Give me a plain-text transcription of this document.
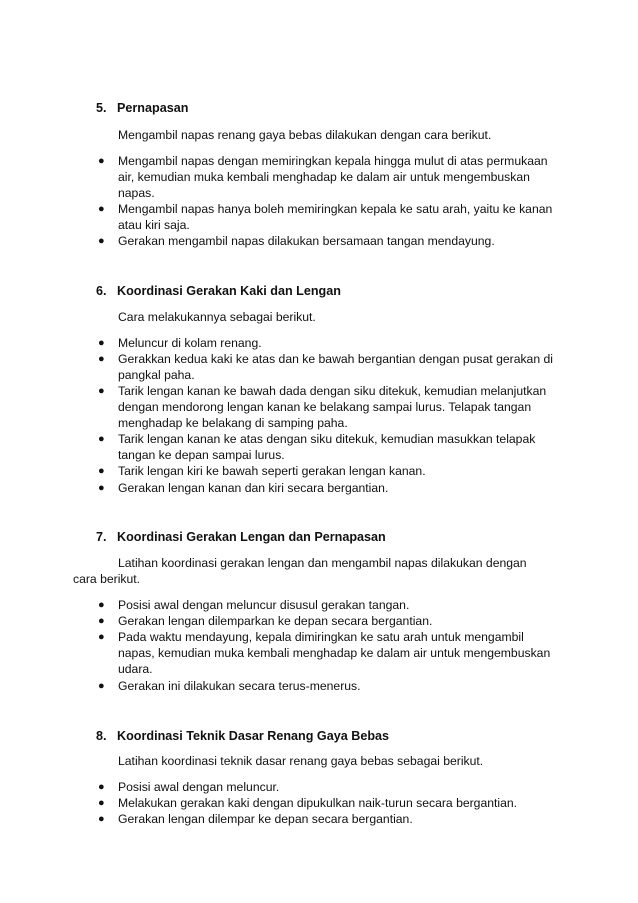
5. Pernapasan
Mengambil napas renang gaya bebas dilakukan dengan cara berikut.
● Mengambil napas dengan memiringkan kepala hingga mulut di atas permukaan air, kemudian muka kembali menghadap ke dalam air untuk mengembuskan napas.
● Mengambil napas hanya boleh memiringkan kepala ke satu arah, yaitu ke kanan atau kiri saja.
● Gerakan mengambil napas dilakukan bersamaan tangan mendayung.
6. Koordinasi Gerakan Kaki dan Lengan
Cara melakukannya sebagai berikut.
● Meluncur di kolam renang.
● Gerakkan kedua kaki ke atas dan ke bawah bergantian dengan pusat gerakan di pangkal paha.
● Tarik lengan kanan ke bawah dada dengan siku ditekuk, kemudian melanjutkan dengan mendorong lengan kanan ke belakang sampai lurus. Telapak tangan menghadap ke belakang di samping paha.
● Tarik lengan kanan ke atas dengan siku ditekuk, kemudian masukkan telapak tangan ke depan sampai lurus.
● Tarik lengan kiri ke bawah seperti gerakan lengan kanan.
● Gerakan lengan kanan dan kiri secara bergantian.
7. Koordinasi Gerakan Lengan dan Pernapasan
Latihan koordinasi gerakan lengan dan mengambil napas dilakukan dengan cara berikut.
● Posisi awal dengan meluncur disusul gerakan tangan.
● Gerakan lengan dilemparkan ke depan secara bergantian.
● Pada waktu mendayung, kepala dimiringkan ke satu arah untuk mengambil napas, kemudian muka kembali menghadap ke dalam air untuk mengembuskan udara.
● Gerakan ini dilakukan secara terus-menerus.
8. Koordinasi Teknik Dasar Renang Gaya Bebas
Latihan koordinasi teknik dasar renang gaya bebas sebagai berikut.
● Posisi awal dengan meluncur.
● Melakukan gerakan kaki dengan dipukulkan naik-turun secara bergantian.
● Gerakan lengan dilempar ke depan secara bergantian.
